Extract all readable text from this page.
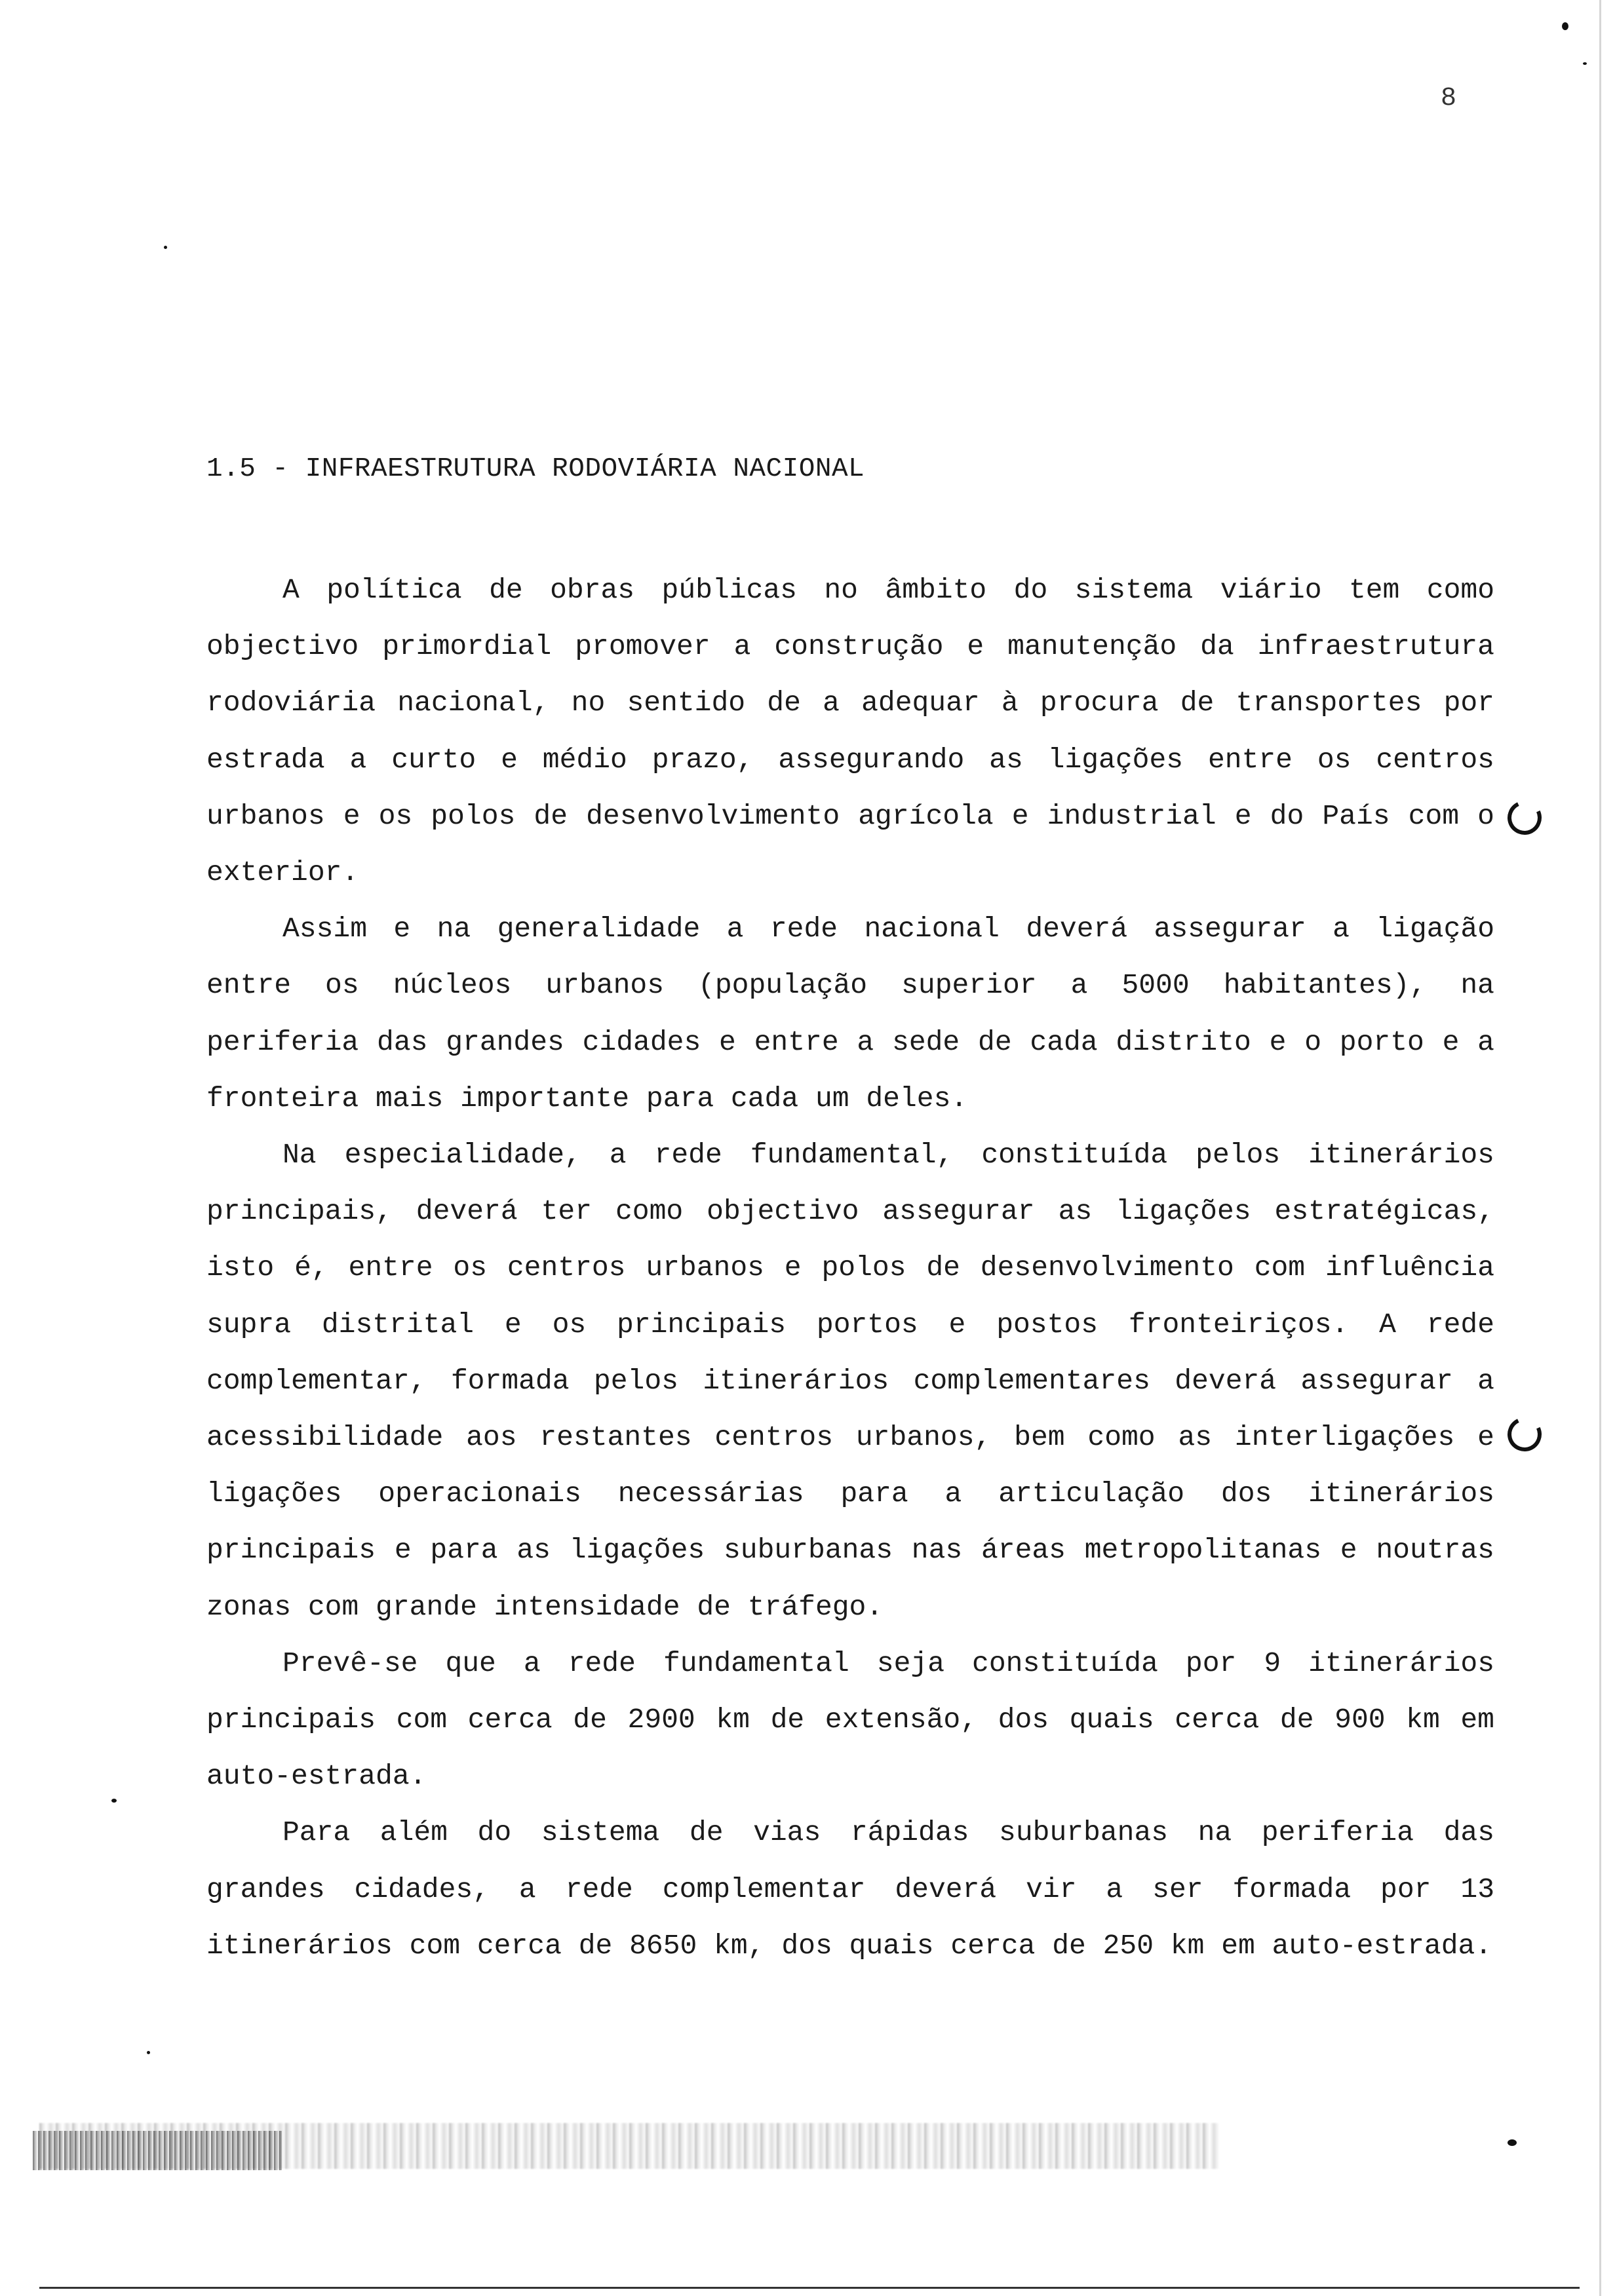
8
1.5 - INFRAESTRUTURA RODOVIÁRIA NACIONAL

A política de obras públicas no âmbito do sistema viário tem como objectivo primordial promover a construção e manutenção da infraestrutura rodoviária nacional, no sentido de a adequar à procura de transportes por estrada a curto e médio prazo, assegurando as ligações entre os centros urbanos e os polos de desenvolvimento agrícola e industrial e do País com o exterior.

Assim e na generalidade a rede nacional deverá assegurar a ligação entre os núcleos urbanos (população superior a 5000 habitantes), na periferia das grandes cidades e entre a sede de cada distrito e o porto e a fronteira mais importante para cada um deles.

Na especialidade, a rede fundamental, constituída pelos itinerários principais, deverá ter como objectivo assegurar as ligações estratégicas, isto é, entre os centros urbanos e polos de desenvolvimento com influência supra distrital e os principais portos e postos fronteiriços. A rede complementar, formada pelos itinerários complementares deverá assegurar a acessibilidade aos restantes centros urbanos, bem como as interligações e ligações operacionais necessárias para a articulação dos itinerários principais e para as ligações suburbanas nas áreas metropolitanas e noutras zonas com grande intensidade de tráfego.

Prevê-se que a rede fundamental seja constituída por 9 itinerários principais com cerca de 2900 km de extensão, dos quais cerca de 900 km em auto-estrada.

Para além do sistema de vias rápidas suburbanas na periferia das grandes cidades, a rede complementar deverá vir a ser formada por 13 itinerários com cerca de 8650 km, dos quais cerca de 250 km em auto-estrada.
